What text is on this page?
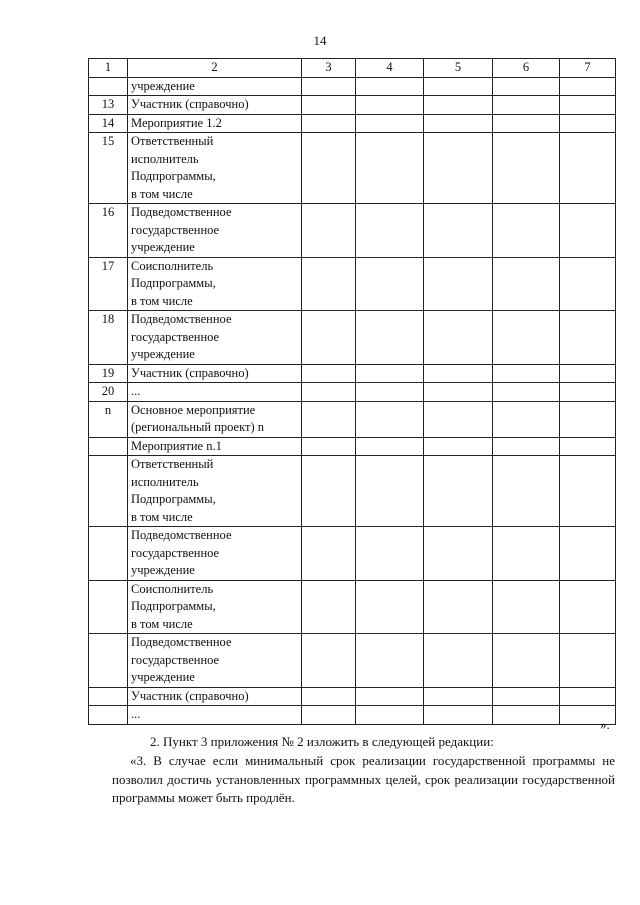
14
1	2	3	4	5	6	7
	учреждение					
13	Участник (справочно)					
14	Мероприятие 1.2					
15	Ответственный
исполнитель
Подпрограммы,
в том числе					
16	Подведомственное
государственное
учреждение					
17	Соисполнитель
Подпрограммы,
в том числе					
18	Подведомственное
государственное
учреждение					
19	Участник (справочно)					
20	...					
n	Основное мероприятие
(региональный проект) n					
	Мероприятие n.1					
	Ответственный
исполнитель
Подпрограммы,
в том числе					
	Подведомственное
государственное
учреждение					
	Соисполнитель
Подпрограммы,
в том числе					
	Подведомственное
государственное
учреждение					
	Участник (справочно)					
	...					
».
2. Пункт 3 приложения № 2 изложить в следующей редакции:
«3. В случае если минимальный срок реализации государственной программы не позволил достичь установленных программных целей, срок реализации государственной программы может быть продлён.
